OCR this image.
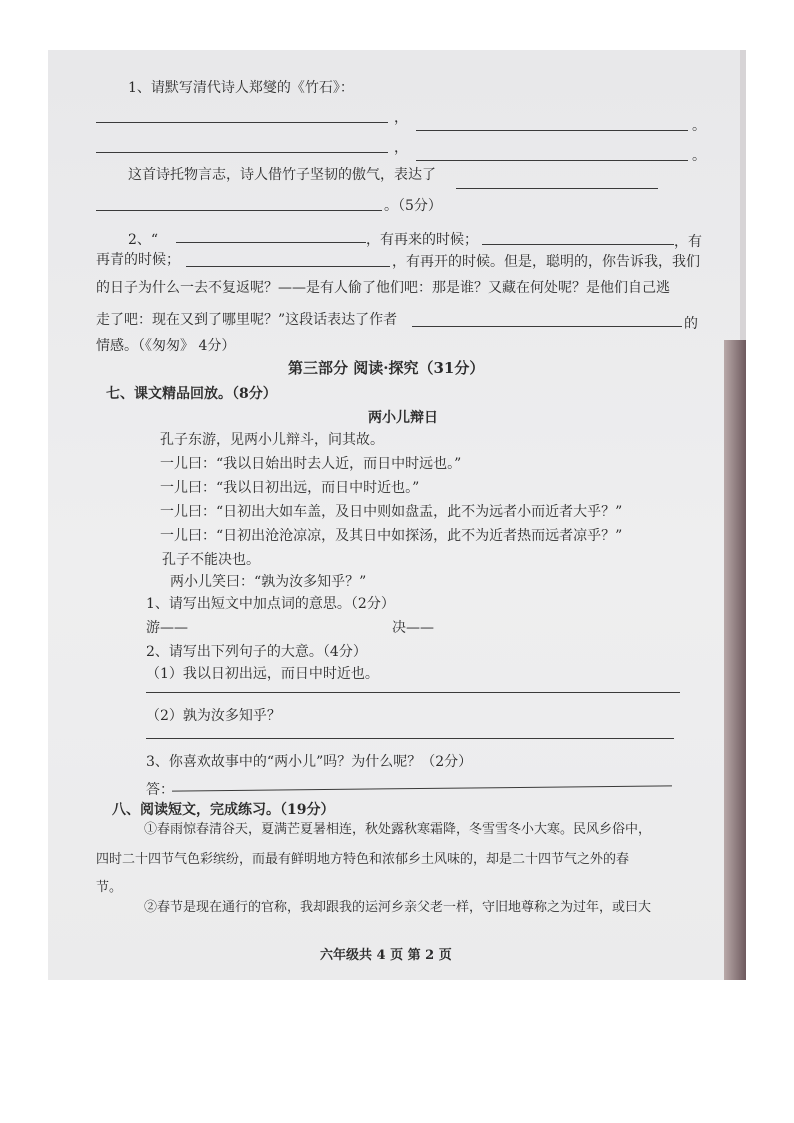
1、请默写清代诗人郑燮的《竹石》：
，	。
，	。
这首诗托物言志，诗人借竹子坚韧的傲气，表达了
。（5分）
2、“	，有再来的时候；	，有
再青的时候；	，有再开的时候。但是，聪明的，你告诉我，我们
的日子为什么一去不复返呢？——是有人偷了他们吧：那是谁？又藏在何处呢？是他们自己逃
走了吧：现在又到了哪里呢？”这段话表达了作者	的
情感。（《匆匆》 4分）
第三部分 阅读·探究（31分）
七、课文精品回放。（8分）
两小儿辩日
孔子东游，见两小儿辩斗，问其故。
一儿曰：“我以日始出时去人近，而日中时远也。”
一儿曰：“我以日初出远，而日中时近也。”
一儿曰：“日初出大如车盖，及日中则如盘盂，此不为远者小而近者大乎？”
一儿曰：“日初出沧沧凉凉，及其日中如探汤，此不为近者热而远者凉乎？”
孔子不能决也。
两小儿笑曰：“孰为汝多知乎？”
1、请写出短文中加点词的意思。（2分）
游——	决——
2、请写出下列句子的大意。（4分）
（1）我以日初出远，而日中时近也。
（2）孰为汝多知乎？
3、你喜欢故事中的“两小儿”吗？为什么呢？（2分）
答：
八、阅读短文，完成练习。（19分）
①春雨惊春清谷天，夏满芒夏暑相连，秋处露秋寒霜降，冬雪雪冬小大寒。民风乡俗中，
四时二十四节气色彩缤纷，而最有鲜明地方特色和浓郁乡土风味的，却是二十四节气之外的春
节。
②春节是现在通行的官称，我却跟我的运河乡亲父老一样，守旧地尊称之为过年，或曰大
六年级共 4 页 第 2 页
